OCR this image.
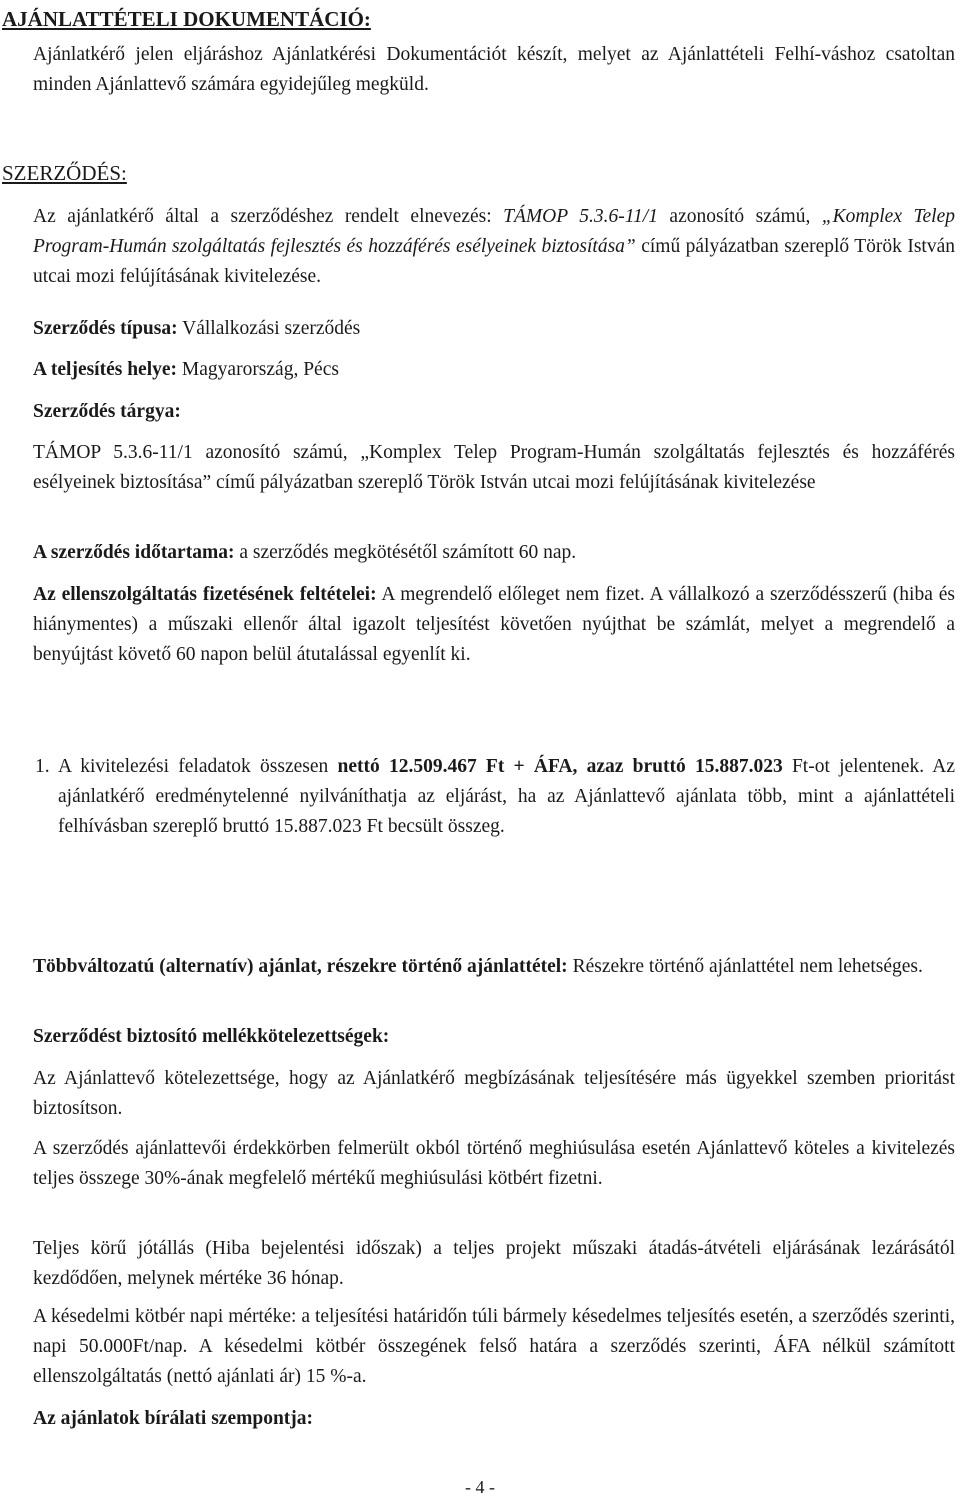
AJÁNLATTÉTELI DOKUMENTÁCIÓ:
Ajánlatkérő jelen eljáráshoz Ajánlatkérési Dokumentációt készít, melyet az Ajánlattételi Felhí-váshoz csatoltan minden Ajánlattevő számára egyidejűleg megküld.
SZERZŐDÉS:
Az ajánlatkérő által a szerződéshez rendelt elnevezés: TÁMOP 5.3.6-11/1 azonosító számú, „Komplex Telep Program-Humán szolgáltatás fejlesztés és hozzáférés esélyeinek biztosítása” című pályázatban szereplő Török István utcai mozi felújításának kivitelezése.
Szerződés típusa: Vállalkozási szerződés
A teljesítés helye: Magyarország, Pécs
Szerződés tárgya:
TÁMOP 5.3.6-11/1 azonosító számú, „Komplex Telep Program-Humán szolgáltatás fejlesztés és hozzáférés esélyeinek biztosítása” című pályázatban szereplő Török István utcai mozi felújításának kivitelezése
A szerződés időtartama: a szerződés megkötésétől számított 60 nap.
Az ellenszolgáltatás fizetésének feltételei: A megrendelő előleget nem fizet. A vállalkozó a szerződésszerű (hiba és hiánymentes) a műszaki ellenőr által igazolt teljesítést követően nyújthat be számlát, melyet a megrendelő a benyújtást követő 60 napon belül átutalással egyenlít ki.
1. A kivitelezési feladatok összesen nettó 12.509.467 Ft + ÁFA, azaz bruttó 15.887.023 Ft-ot jelentenek. Az ajánlatkérő eredménytelenné nyilváníthatja az eljárást, ha az Ajánlattevő ajánlata több, mint a ajánlattételi felhívásban szereplő bruttó 15.887.023 Ft becsült összeg.
Többváltozatú (alternatív) ajánlat, részekre történő ajánlattétel: Részekre történő ajánlattétel nem lehetséges.
Szerződést biztosító mellékkötelezettségek:
Az Ajánlattevő kötelezettsége, hogy az Ajánlatkérő megbízásának teljesítésére más ügyekkel szemben prioritást biztosítson.
A szerződés ajánlattevői érdekkörben felmerült okból történő meghiúsulása esetén Ajánlattevő köteles a kivitelezés teljes összege 30%-ának megfelelő mértékű meghiúsulási kötbért fizetni.
Teljes körű jótállás (Hiba bejelentési időszak) a teljes projekt műszaki átadás-átvételi eljárásának lezárásától kezdődően, melynek mértéke 36 hónap.
A késedelmi kötbér napi mértéke: a teljesítési határidőn túli bármely késedelmes teljesítés esetén, a szerződés szerinti, napi 50.000Ft/nap. A késedelmi kötbér összegének felső határa a szerződés szerinti, ÁFA nélkül számított ellenszolgáltatás (nettó ajánlati ár) 15 %-a.
Az ajánlatok bírálati szempontja:
- 4 -
